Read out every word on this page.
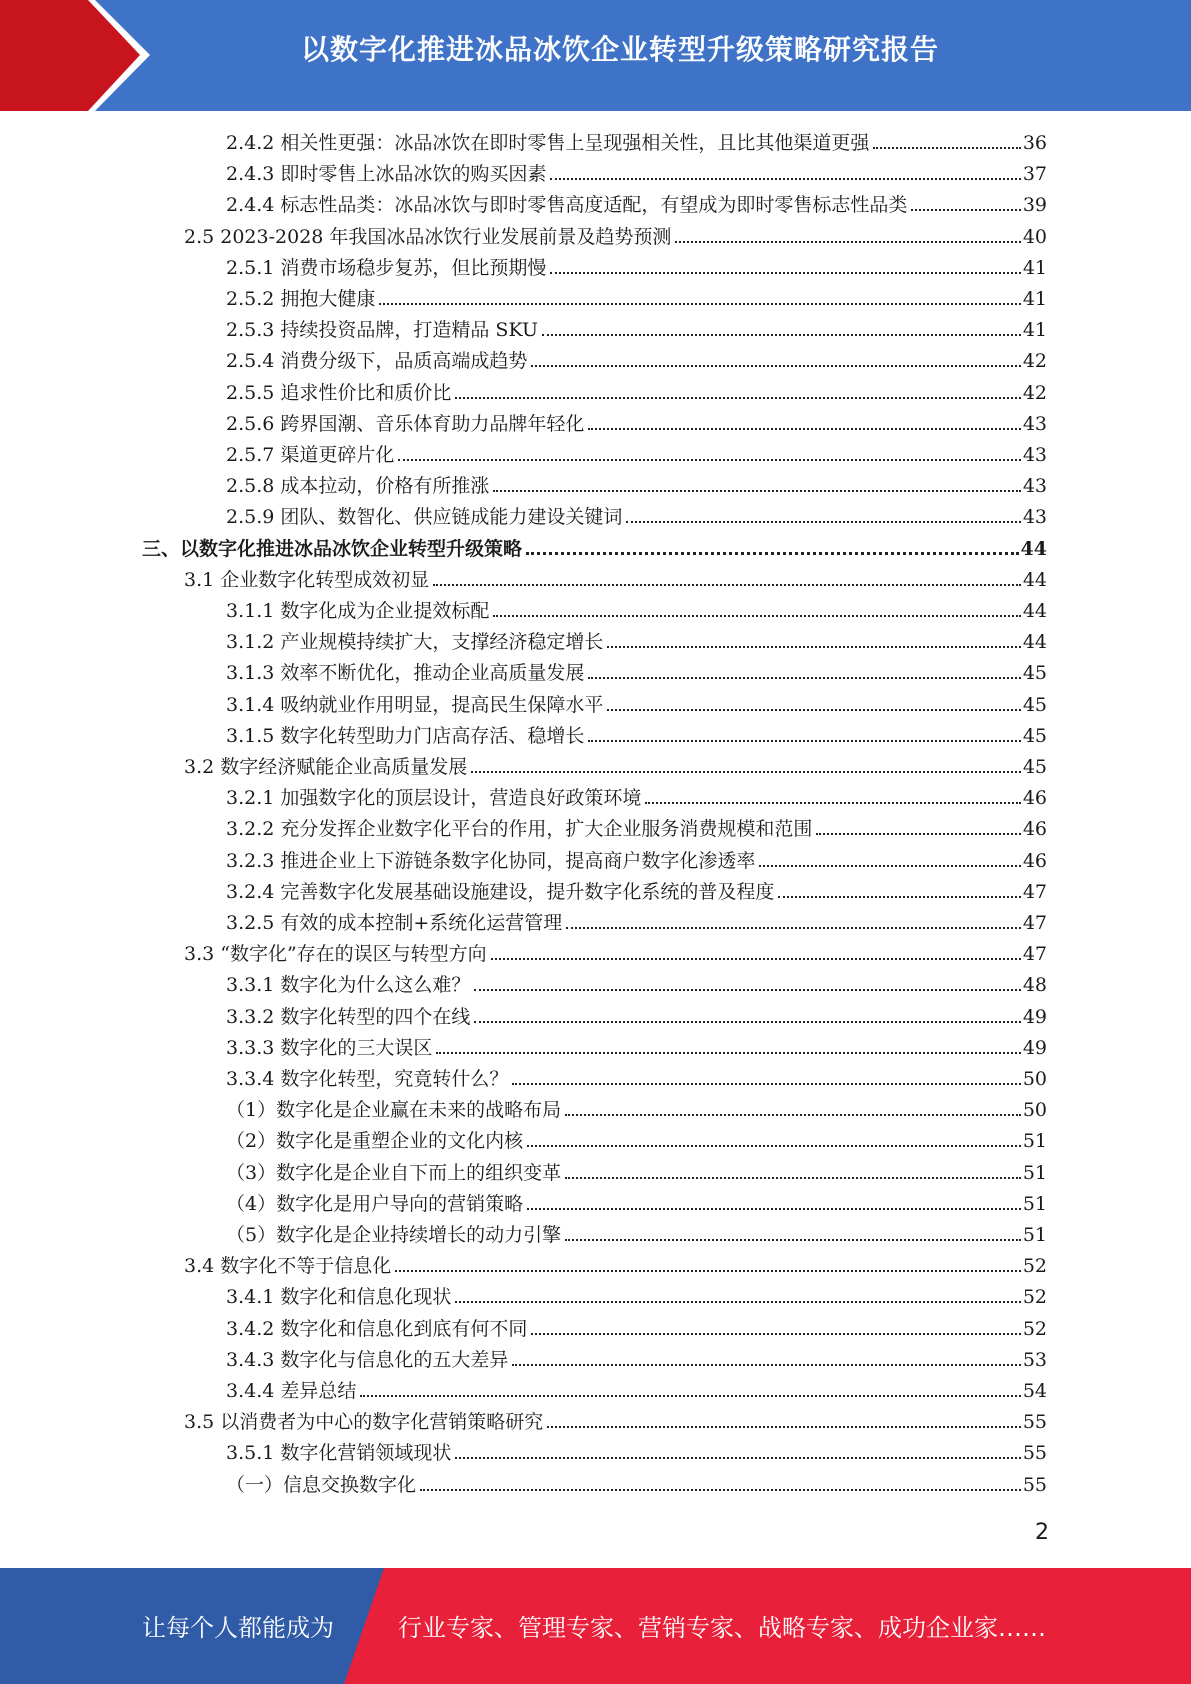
以数字化推进冰品冰饮企业转型升级策略研究报告
2.4.2 相关性更强：冰品冰饮在即时零售上呈现强相关性，且比其他渠道更强	36
2.4.3 即时零售上冰品冰饮的购买因素	37
2.4.4 标志性品类：冰品冰饮与即时零售高度适配，有望成为即时零售标志性品类	39
2.5 2023-2028 年我国冰品冰饮行业发展前景及趋势预测	40
2.5.1 消费市场稳步复苏，但比预期慢	41
2.5.2 拥抱大健康	41
2.5.3 持续投资品牌，打造精品 SKU	41
2.5.4 消费分级下，品质高端成趋势	42
2.5.5 追求性价比和质价比	42
2.5.6 跨界国潮、音乐体育助力品牌年轻化	43
2.5.7 渠道更碎片化	43
2.5.8 成本拉动，价格有所推涨	43
2.5.9 团队、数智化、供应链成能力建设关键词	43
三、以数字化推进冰品冰饮企业转型升级策略	44
3.1 企业数字化转型成效初显	44
3.1.1 数字化成为企业提效标配	44
3.1.2 产业规模持续扩大，支撑经济稳定增长	44
3.1.3 效率不断优化，推动企业高质量发展	45
3.1.4 吸纳就业作用明显，提高民生保障水平	45
3.1.5 数字化转型助力门店高存活、稳增长	45
3.2 数字经济赋能企业高质量发展	45
3.2.1 加强数字化的顶层设计，营造良好政策环境	46
3.2.2 充分发挥企业数字化平台的作用，扩大企业服务消费规模和范围	46
3.2.3 推进企业上下游链条数字化协同，提高商户数字化渗透率	46
3.2.4 完善数字化发展基础设施建设，提升数字化系统的普及程度	47
3.2.5 有效的成本控制+系统化运营管理	47
3.3 “数字化”存在的误区与转型方向	47
3.3.1 数字化为什么这么难？	48
3.3.2 数字化转型的四个在线	49
3.3.3 数字化的三大误区	49
3.3.4 数字化转型，究竟转什么？	50
（1）数字化是企业赢在未来的战略布局	50
（2）数字化是重塑企业的文化内核	51
（3）数字化是企业自下而上的组织变革	51
（4）数字化是用户导向的营销策略	51
（5）数字化是企业持续增长的动力引擎	51
3.4 数字化不等于信息化	52
3.4.1 数字化和信息化现状	52
3.4.2 数字化和信息化到底有何不同	52
3.4.3 数字化与信息化的五大差异	53
3.4.4 差异总结	54
3.5 以消费者为中心的数字化营销策略研究	55
3.5.1 数字化营销领域现状	55
（一）信息交换数字化	55
2
让每个人都能成为	行业专家、管理专家、营销专家、战略专家、成功企业家……
